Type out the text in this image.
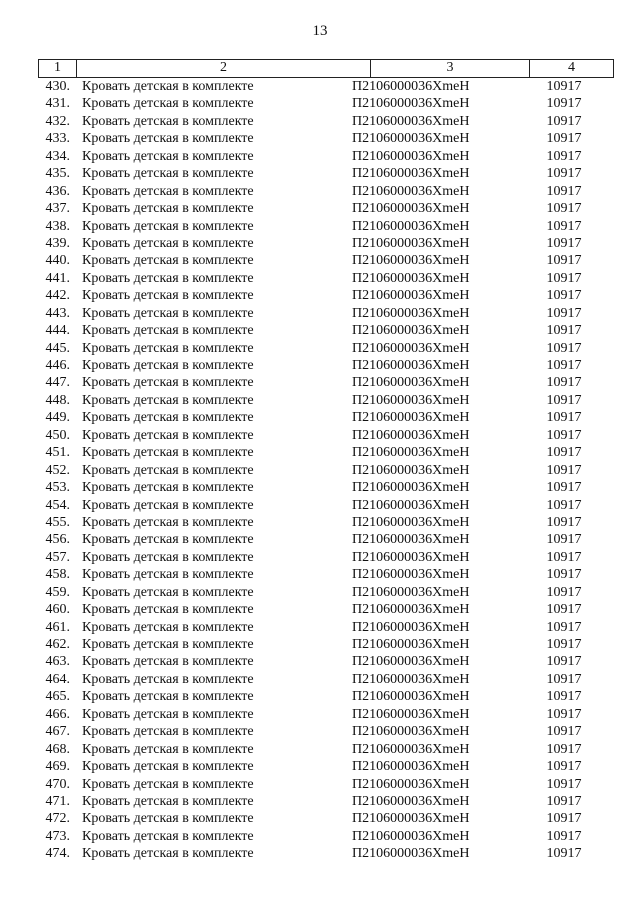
13
1	2	3	4
430. Кровать детская в комплекте	П2106000036ХmeН	10917
431. Кровать детская в комплекте	П2106000036ХmeН	10917
432. Кровать детская в комплекте	П2106000036ХmeН	10917
433. Кровать детская в комплекте	П2106000036ХmeН	10917
434. Кровать детская в комплекте	П2106000036ХmeН	10917
435. Кровать детская в комплекте	П2106000036ХmeН	10917
436. Кровать детская в комплекте	П2106000036ХmeН	10917
437. Кровать детская в комплекте	П2106000036ХmeН	10917
438. Кровать детская в комплекте	П2106000036ХmeН	10917
439. Кровать детская в комплекте	П2106000036ХmeН	10917
440. Кровать детская в комплекте	П2106000036ХmeН	10917
441. Кровать детская в комплекте	П2106000036ХmeН	10917
442. Кровать детская в комплекте	П2106000036ХmeН	10917
443. Кровать детская в комплекте	П2106000036ХmeН	10917
444. Кровать детская в комплекте	П2106000036ХmeН	10917
445. Кровать детская в комплекте	П2106000036ХmeН	10917
446. Кровать детская в комплекте	П2106000036ХmeН	10917
447. Кровать детская в комплекте	П2106000036ХmeН	10917
448. Кровать детская в комплекте	П2106000036ХmeН	10917
449. Кровать детская в комплекте	П2106000036ХmeН	10917
450. Кровать детская в комплекте	П2106000036ХmeН	10917
451. Кровать детская в комплекте	П2106000036ХmeН	10917
452. Кровать детская в комплекте	П2106000036ХmeН	10917
453. Кровать детская в комплекте	П2106000036ХmeН	10917
454. Кровать детская в комплекте	П2106000036ХmeН	10917
455. Кровать детская в комплекте	П2106000036ХmeН	10917
456. Кровать детская в комплекте	П2106000036ХmeН	10917
457. Кровать детская в комплекте	П2106000036ХmeН	10917
458. Кровать детская в комплекте	П2106000036ХmeН	10917
459. Кровать детская в комплекте	П2106000036ХmeН	10917
460. Кровать детская в комплекте	П2106000036ХmeН	10917
461. Кровать детская в комплекте	П2106000036ХmeН	10917
462. Кровать детская в комплекте	П2106000036ХmeН	10917
463. Кровать детская в комплекте	П2106000036ХmeН	10917
464. Кровать детская в комплекте	П2106000036ХmeН	10917
465. Кровать детская в комплекте	П2106000036ХmeН	10917
466. Кровать детская в комплекте	П2106000036ХmeН	10917
467. Кровать детская в комплекте	П2106000036ХmeН	10917
468. Кровать детская в комплекте	П2106000036ХmeН	10917
469. Кровать детская в комплекте	П2106000036ХmeН	10917
470. Кровать детская в комплекте	П2106000036ХmeН	10917
471. Кровать детская в комплекте	П2106000036ХmeН	10917
472. Кровать детская в комплекте	П2106000036ХmeН	10917
473. Кровать детская в комплекте	П2106000036ХmeН	10917
474. Кровать детская в комплекте	П2106000036ХmeН	10917
